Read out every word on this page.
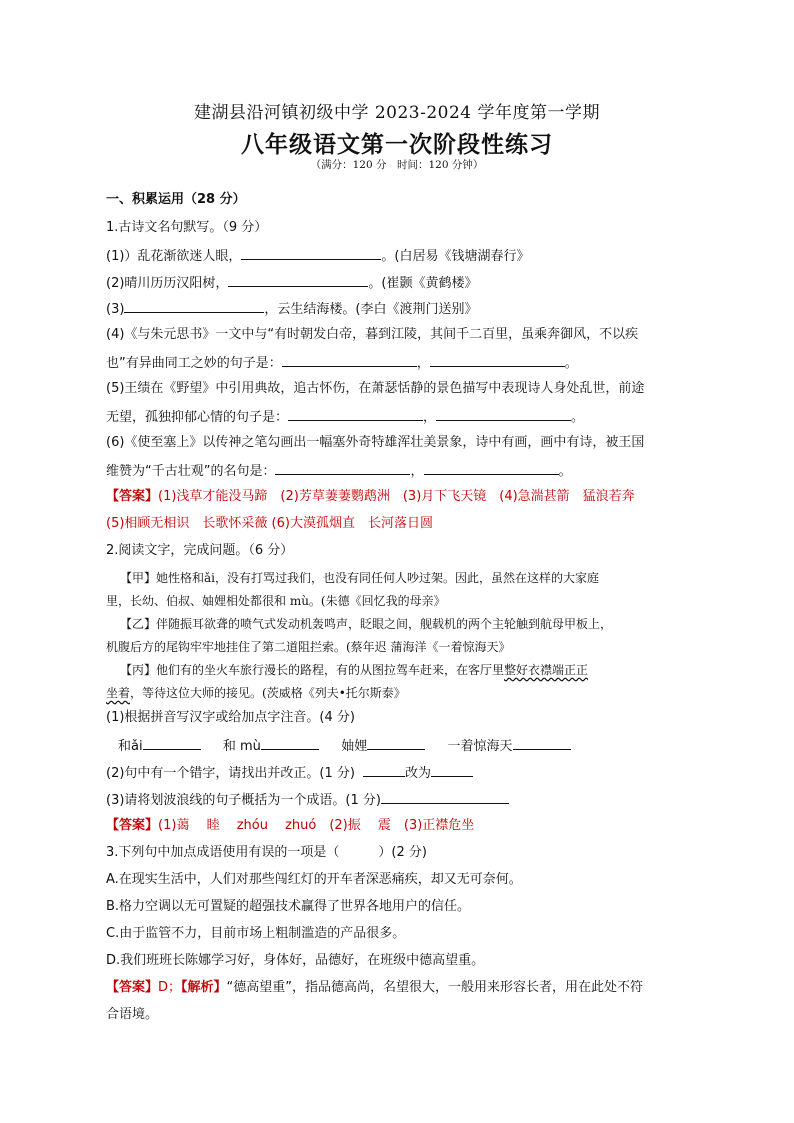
建湖县沿河镇初级中学 2023-2024 学年度第一学期
八年级语文第一次阶段性练习
（满分：120 分　时间：120 分钟）
一、积累运用（28 分）
1.古诗文名句默写。（9 分）
(1)）乱花渐欲迷人眼，	。(白居易《钱塘湖春行》
(2)晴川历历汉阳树，	。(崔颢《黄鹤楼》
(3)	，云生结海楼。(李白《渡荆门送别》
(4)《与朱元思书》一文中与“有时朝发白帝，暮到江陵，其间千二百里，虽乘奔御风，不以疾
也”有异曲同工之妙的句子是：	，	。
(5)王绩在《野望》中引用典故，追古怀伤，在萧瑟恬静的景色描写中表现诗人身处乱世，前途
无望，孤独抑郁心情的句子是：	，	。
(6)《使至塞上》以传神之笔勾画出一幅塞外奇特雄浑壮美景象，诗中有画，画中有诗，被王国
维赞为“千古壮观”的名句是：	，	。
【答案】(1)浅草才能没马蹄　(2)芳草萋萋鹦鹉洲　(3)月下飞天镜　(4)急湍甚箭　猛浪若奔
(5)相顾无相识　长歌怀采薇 (6)大漠孤烟直　长河落日圆
2.阅读文字，完成问题。（6 分）
【甲】她性格和ǎi，没有打骂过我们，也没有同任何人吵过架。因此，虽然在这样的大家庭
里，长幼、伯叔、妯娌相处都很和 mù。(朱德《回忆我的母亲》
【乙】伴随振耳欲聋的喷气式发动机轰鸣声，眨眼之间，舰载机的两个主轮触到航母甲板上，
机腹后方的尾钩牢牢地挂住了第二道阻拦索。(蔡年迟 蒲海洋《一着惊海天》
【丙】他们有的坐火车旅行漫长的路程，有的从图拉驾车赶来，在客厅里整好衣襟端正正
坐着，等待这位大师的接见。(茨威格《列夫•托尔斯泰》
(1)根据拼音写汉字或给加点字注音。(4 分)
和ǎi	和 mù	妯娌	一着惊海天
(2)句中有一个错字，请找出并改正。(1 分)	改为
(3)请将划波浪线的句子概括为一个成语。(1 分)
【答案】(1)蔼　 睦　 zhóu　 zhuó　(2)振　 震　(3)正襟危坐
3.下列句中加点成语使用有误的一项是（　　　）(2 分)
A.在现实生活中，人们对那些闯红灯的开车者深恶痛疾，却又无可奈何。
B.格力空调以无可置疑的超强技术赢得了世界各地用户的信任。
C.由于监管不力，目前市场上粗制滥造的产品很多。
D.我们班班长陈娜学习好，身体好，品德好，在班级中德高望重。
【答案】D；【解析】“德高望重”，指品德高尚，名望很大，一般用来形容长者，用在此处不符
合语境。
